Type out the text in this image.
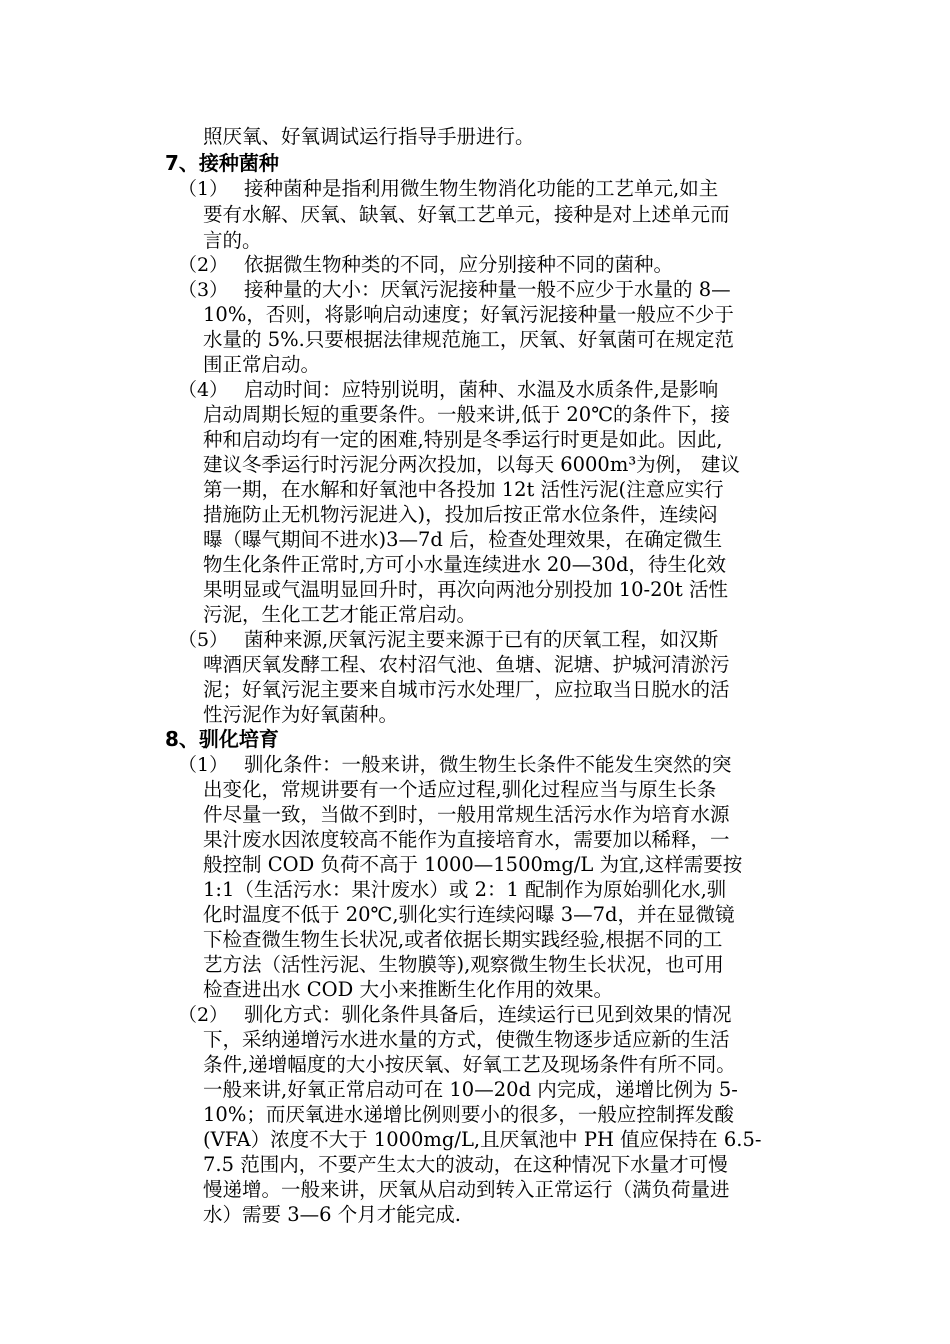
照厌氧、好氧调试运行指导手册进行。
7、接种菌种
（1） 接种菌种是指利用微生物生物消化功能的工艺单元,如主
要有水解、厌氧、缺氧、好氧工艺单元，接种是对上述单元而
言的。
（2） 依据微生物种类的不同，应分别接种不同的菌种。
（3） 接种量的大小：厌氧污泥接种量一般不应少于水量的 8—
10%，否则，将影响启动速度；好氧污泥接种量一般应不少于
水量的 5%.只要根据法律规范施工，厌氧、好氧菌可在规定范
围正常启动。
（4） 启动时间：应特别说明，菌种、水温及水质条件,是影响
启动周期长短的重要条件。一般来讲,低于 20℃的条件下，接
种和启动均有一定的困难,特别是冬季运行时更是如此。因此,
建议冬季运行时污泥分两次投加，以每天 6000m³为例， 建议
第一期，在水解和好氧池中各投加 12t 活性污泥(注意应实行
措施防止无机物污泥进入)，投加后按正常水位条件，连续闷
曝（曝气期间不进水)3—7d 后，检查处理效果，在确定微生
物生化条件正常时,方可小水量连续进水 20—30d，待生化效
果明显或气温明显回升时，再次向两池分别投加 10-20t 活性
污泥，生化工艺才能正常启动。
（5） 菌种来源,厌氧污泥主要来源于已有的厌氧工程，如汉斯
啤酒厌氧发酵工程、农村沼气池、鱼塘、泥塘、护城河清淤污
泥；好氧污泥主要来自城市污水处理厂，应拉取当日脱水的活
性污泥作为好氧菌种。
8、驯化培育
（1） 驯化条件：一般来讲，微生物生长条件不能发生突然的突
出变化，常规讲要有一个适应过程,驯化过程应当与原生长条
件尽量一致，当做不到时，一般用常规生活污水作为培育水源
果汁废水因浓度较高不能作为直接培育水，需要加以稀释，一
般控制 COD 负荷不高于 1000—1500mg/L 为宜,这样需要按
1:1（生活污水：果汁废水）或 2：1 配制作为原始驯化水,驯
化时温度不低于 20℃,驯化实行连续闷曝 3—7d，并在显微镜
下检查微生物生长状况,或者依据长期实践经验,根据不同的工
艺方法（活性污泥、生物膜等),观察微生物生长状况，也可用
检查进出水 COD 大小来推断生化作用的效果。
（2） 驯化方式：驯化条件具备后，连续运行已见到效果的情况
下，采纳递增污水进水量的方式，使微生物逐步适应新的生活
条件,递增幅度的大小按厌氧、好氧工艺及现场条件有所不同。
一般来讲,好氧正常启动可在 10—20d 内完成，递增比例为 5-
10%；而厌氧进水递增比例则要小的很多，一般应控制挥发酸
(VFA）浓度不大于 1000mg/L,且厌氧池中 PH 值应保持在 6.5-
7.5 范围内，不要产生太大的波动，在这种情况下水量才可慢
慢递增。一般来讲，厌氧从启动到转入正常运行（满负荷量进
水）需要 3—6 个月才能完成.
